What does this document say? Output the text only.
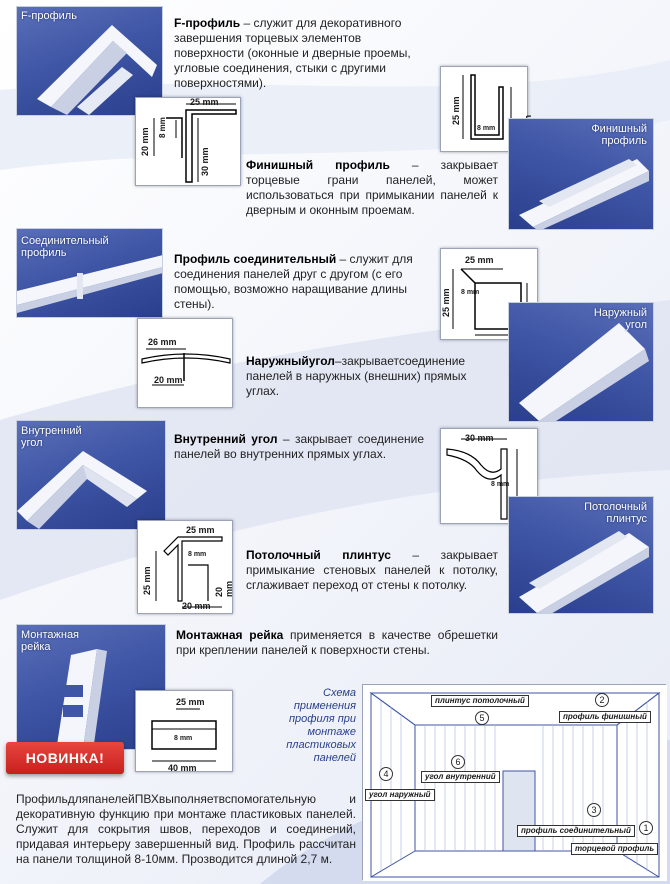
F-профиль	F-профиль – служит для декоративного завершения торцевых элементов поверхности (оконные и дверные проемы, угловые соединения, стыки с другими поверхностями).
25 mm
8 mm
20 mm
30 mm
25 mm
8 mm	Финишный
профиль
Финишный профиль – закрывает торцевые грани панелей, может использоваться при примыкании панелей к дверным и оконным проемам.
Соединительный
профиль	Профиль соединительный – служит для соединения панелей друг с другом (с его помощью, возможно наращивание длины стены).
25 mm
8 mm
25 mm
26 mm
20 mm
Наружныйугол–закрываетсоединение панелей в наружных (внешних) прямых углах.
Наружный
угол
Внутренний
угол	Внутренний угол – закрывает соединение панелей во внутренних прямых углах.
30 mm
8 mm
25 mm
8 mm
25 mm
20 mm
20 mm
Потолочный плинтус – закрывает примыкание стеновых панелей к потолку, сглаживает переход от стены к потолку.
Потолочный
плинтус
Монтажная
рейка
Монтажная рейка применяется в качестве обрешетки при креплении панелей к поверхности стены.
25 mm
8 mm
40 mm
НОВИНКА!
Схема применения профиля при монтаже пластиковых панелей
плинтус потолочный
профиль финишный
угол внутренний
угол наружный
профиль соединительный
торцевой профиль
1
2
3
4
5
6
ПрофильдляпанелейПВХвыполняетвспомогательную и декоративную функцию при монтаже пластиковых панелей. Служит для сокрытия швов, переходов и соединений, придавая интерьеру завершенный вид. Профиль рассчитан на панели толщиной 8-10мм. Прозводится длиной 2,7 м.
